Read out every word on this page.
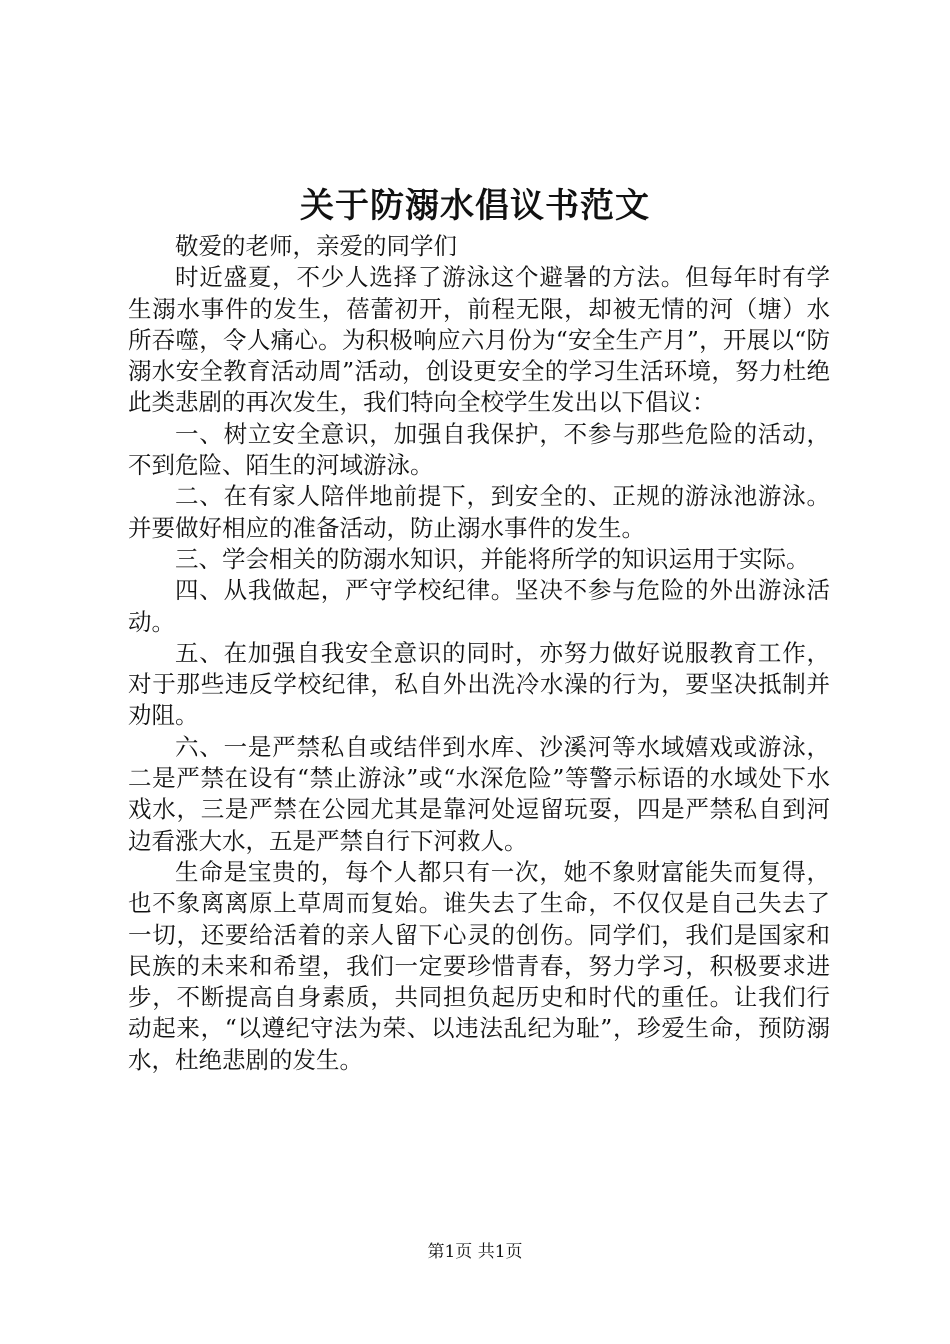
关于防溺水倡议书范文

敬爱的老师，亲爱的同学们

时近盛夏，不少人选择了游泳这个避暑的方法。但每年时有学生溺水事件的发生，蓓蕾初开，前程无限，却被无情的河（塘）水所吞噬，令人痛心。为积极响应六月份为“安全生产月”，开展以“防溺水安全教育活动周”活动，创设更安全的学习生活环境，努力杜绝此类悲剧的再次发生，我们特向全校学生发出以下倡议：

一、树立安全意识，加强自我保护，不参与那些危险的活动，不到危险、陌生的河域游泳。

二、在有家人陪伴地前提下，到安全的、正规的游泳池游泳。并要做好相应的准备活动，防止溺水事件的发生。

三、学会相关的防溺水知识，并能将所学的知识运用于实际。

四、从我做起，严守学校纪律。坚决不参与危险的外出游泳活动。

五、在加强自我安全意识的同时，亦努力做好说服教育工作，对于那些违反学校纪律，私自外出洗冷水澡的行为，要坚决抵制并劝阻。

六、一是严禁私自或结伴到水库、沙溪河等水域嬉戏或游泳，二是严禁在设有“禁止游泳”或“水深危险”等警示标语的水域处下水戏水，三是严禁在公园尤其是靠河处逗留玩耍，四是严禁私自到河边看涨大水，五是严禁自行下河救人。

生命是宝贵的，每个人都只有一次，她不象财富能失而复得，也不象离离原上草周而复始。谁失去了生命，不仅仅是自己失去了一切，还要给活着的亲人留下心灵的创伤。同学们，我们是国家和民族的未来和希望，我们一定要珍惜青春，努力学习，积极要求进步，不断提高自身素质，共同担负起历史和时代的重任。让我们行动起来，“以遵纪守法为荣、以违法乱纪为耻”，珍爱生命，预防溺水，杜绝悲剧的发生。

第1页 共1页
